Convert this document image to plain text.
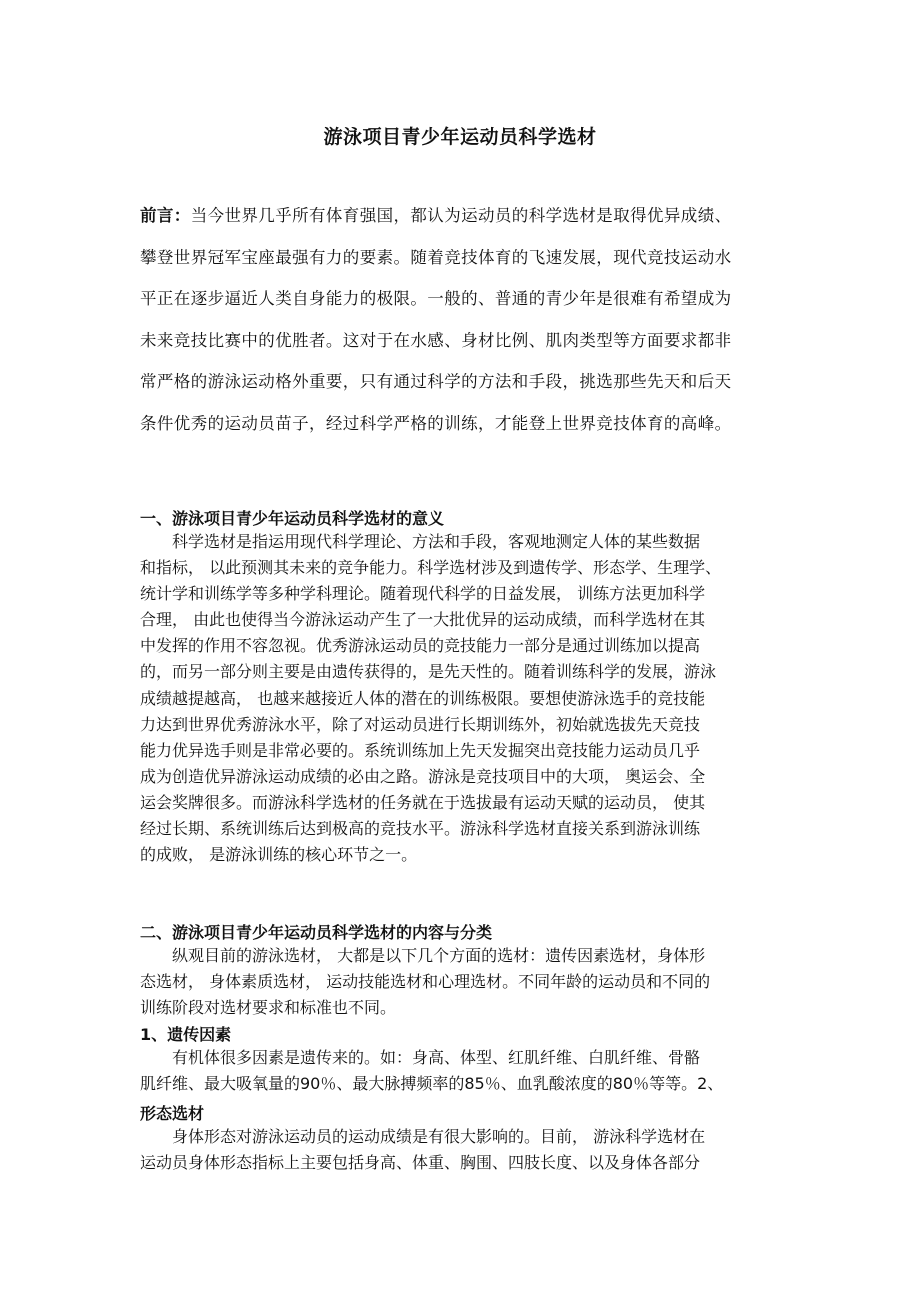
游泳项目青少年运动员科学选材
前言：当今世界几乎所有体育强国，都认为运动员的科学选材是取得优异成绩、
攀登世界冠军宝座最强有力的要素。随着竞技体育的飞速发展，现代竞技运动水
平正在逐步逼近人类自身能力的极限。一般的、普通的青少年是很难有希望成为
未来竞技比赛中的优胜者。这对于在水感、身材比例、肌肉类型等方面要求都非
常严格的游泳运动格外重要，只有通过科学的方法和手段，挑选那些先天和后天
条件优秀的运动员苗子，经过科学严格的训练，才能登上世界竞技体育的高峰。
一、游泳项目青少年运动员科学选材的意义
　　科学选材是指运用现代科学理论、方法和手段，客观地测定人体的某些数据
和指标， 以此预测其未来的竞争能力。科学选材涉及到遗传学、形态学、生理学、
统计学和训练学等多种学科理论。随着现代科学的日益发展， 训练方法更加科学
合理， 由此也使得当今游泳运动产生了一大批优异的运动成绩，而科学选材在其
中发挥的作用不容忽视。优秀游泳运动员的竞技能力一部分是通过训练加以提高
的，而另一部分则主要是由遗传获得的，是先天性的。随着训练科学的发展，游泳
成绩越提越高， 也越来越接近人体的潜在的训练极限。要想使游泳选手的竞技能
力达到世界优秀游泳水平，除了对运动员进行长期训练外，初始就选拔先天竞技
能力优异选手则是非常必要的。系统训练加上先天发掘突出竞技能力运动员几乎
成为创造优异游泳运动成绩的必由之路。游泳是竞技项目中的大项， 奥运会、全
运会奖牌很多。而游泳科学选材的任务就在于选拔最有运动天赋的运动员， 使其
经过长期、系统训练后达到极高的竞技水平。游泳科学选材直接关系到游泳训练
的成败， 是游泳训练的核心环节之一。
二、游泳项目青少年运动员科学选材的内容与分类
　　纵观目前的游泳选材， 大都是以下几个方面的选材：遗传因素选材，身体形
态选材， 身体素质选材， 运动技能选材和心理选材。不同年龄的运动员和不同的
训练阶段对选材要求和标准也不同。
1、遗传因素
　　有机体很多因素是遗传来的。如：身高、体型、红肌纤维、白肌纤维、骨骼
肌纤维、最大吸氧量的90％、最大脉搏频率的85％、血乳酸浓度的80％等等。2、
形态选材
　　身体形态对游泳运动员的运动成绩是有很大影响的。目前， 游泳科学选材在
运动员身体形态指标上主要包括身高、体重、胸围、四肢长度、以及身体各部分
